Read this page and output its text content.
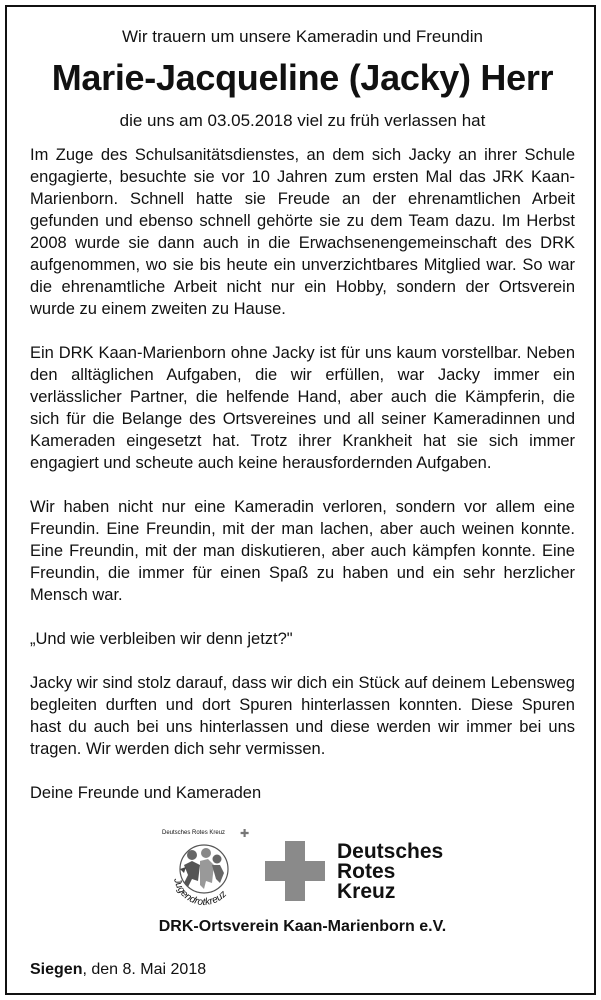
Wir trauern um unsere Kameradin und Freundin
Marie-Jacqueline (Jacky) Herr
die uns am 03.05.2018 viel zu früh verlassen hat

Im Zuge des Schulsanitätsdienstes, an dem sich Jacky an ihrer Schule engagierte, besuchte sie vor 10 Jahren zum ersten Mal das JRK Kaan-Marienborn. Schnell hatte sie Freude an der ehrenamtlichen Arbeit gefunden und ebenso schnell gehörte sie zu dem Team dazu. Im Herbst 2008 wurde sie dann auch in die Erwachsenengemeinschaft des DRK aufgenommen, wo sie bis heute ein unverzichtbares Mitglied war. So war die ehrenamtliche Arbeit nicht nur ein Hobby, sondern der Ortsverein wurde zu einem zweiten zu Hause.

Ein DRK Kaan-Marienborn ohne Jacky ist für uns kaum vorstellbar. Neben den alltäglichen Aufgaben, die wir erfüllen, war Jacky immer ein verlässlicher Partner, die helfende Hand, aber auch die Kämpferin, die sich für die Belange des Ortsvereines und all seiner Kameradinnen und Kameraden eingesetzt hat. Trotz ihrer Krankheit hat sie sich immer engagiert und scheute auch keine herausfordernden Aufgaben.

Wir haben nicht nur eine Kameradin verloren, sondern vor allem eine Freundin. Eine Freundin, mit der man lachen, aber auch weinen konnte. Eine Freundin, mit der man diskutieren, aber auch kämpfen konnte. Eine Freundin, die immer für einen Spaß zu haben und ein sehr herzlicher Mensch war.

„Und wie verbleiben wir denn jetzt?"

Jacky wir sind stolz darauf, dass wir dich ein Stück auf deinem Lebensweg begleiten durften und dort Spuren hinterlassen konnten. Diese Spuren hast du auch bei uns hinterlassen und diese werden wir immer bei uns tragen. Wir werden dich sehr vermissen.

Deine Freunde und Kameraden

Deutsches Rotes Kreuz ✚
Jugendrotkreuz
Deutsches
Rotes
Kreuz
DRK-Ortsverein Kaan-Marienborn e.V.
Siegen, den 8. Mai 2018
